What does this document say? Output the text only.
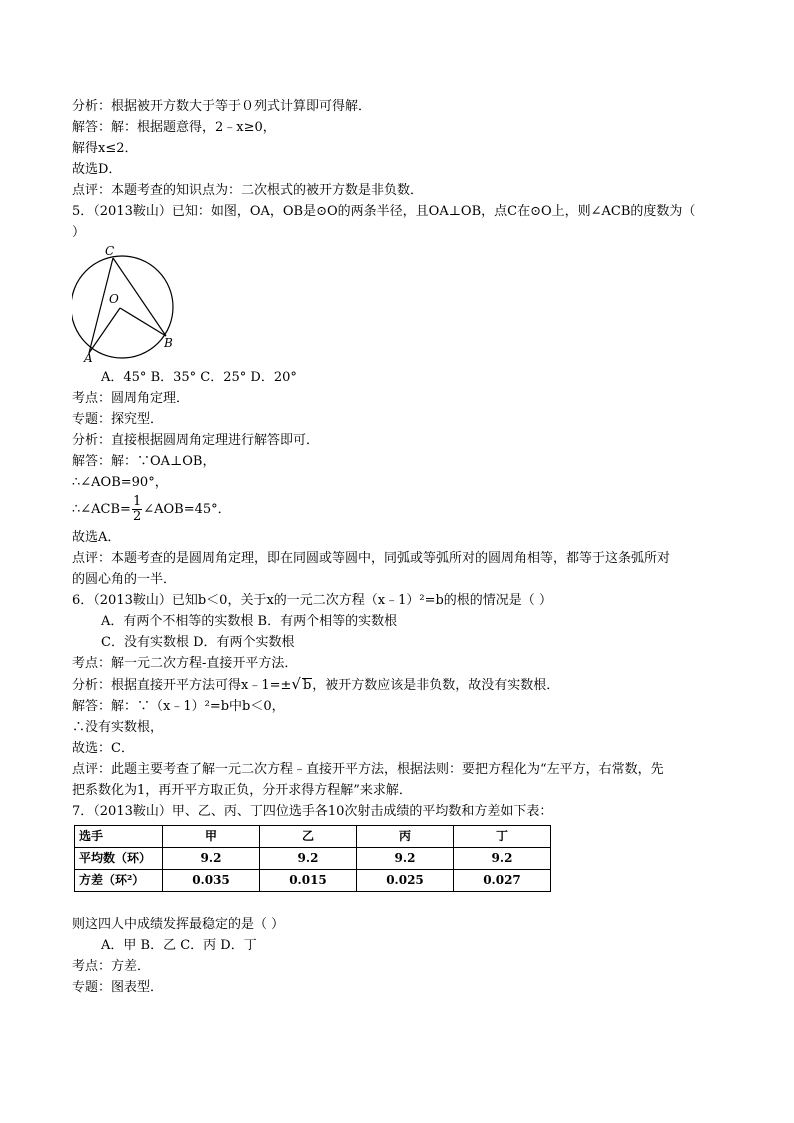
分析：根据被开方数大于等于０列式计算即可得解．
解答：解：根据题意得，2﹣x≥0，
解得x≤2．
故选D．
点评：本题考查的知识点为：二次根式的被开方数是非负数．
5．（2013鞍山）已知：如图，OA，OB是⊙O的两条半径，且OA⊥OB，点C在⊙O上，则∠ACB的度数为（
）
C
O
A
B
A．45° B．35° C．25° D．20°
考点：圆周角定理．
专题：探究型．
分析：直接根据圆周角定理进行解答即可．
解答：解：∵OA⊥OB，
∴∠AOB=90°，
∴∠ACB= $\frac{1}{2}$ ∠AOB=45°．
故选A．
点评：本题考查的是圆周角定理，即在同圆或等圆中，同弧或等弧所对的圆周角相等，都等于这条弧所对
的圆心角的一半．
6．（2013鞍山）已知b＜0，关于x的一元二次方程（x﹣1）²=b的根的情况是（ ）
A．有两个不相等的实数根 B．有两个相等的实数根
C．没有实数根 D．有两个实数根
考点：解一元二次方程-直接开平方法．
分析：根据直接开平方法可得x﹣1=±√ b，被开方数应该是非负数，故没有实数根．
解答：解：∵（x﹣1）²=b中b＜0，
∴没有实数根，
故选：C．
点评：此题主要考查了解一元二次方程﹣直接开平方法，根据法则：要把方程化为“左平方，右常数，先
把系数化为1，再开平方取正负，分开求得方程解”来求解．
7．（2013鞍山）甲、乙、丙、丁四位选手各10次射击成绩的平均数和方差如下表：
选手	甲	乙	丙	丁
平均数（环）	9.2	9.2	9.2	9.2
方差（环²）	0.035	0.015	0.025	0.027
则这四人中成绩发挥最稳定的是（ ）
A．甲 B．乙 C．丙 D．丁
考点：方差．
专题：图表型．
